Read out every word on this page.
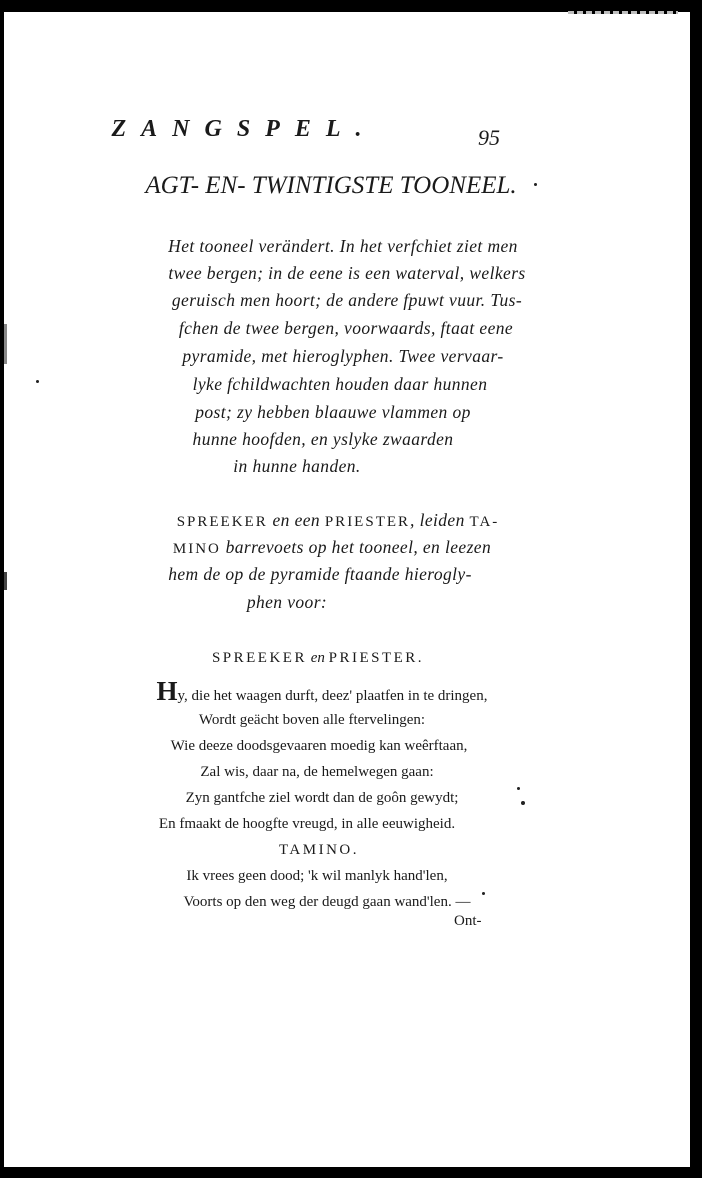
ZANGSPEL.	95
AGT- EN- TWINTIGSTE TOONEEL.
Het tooneel verändert. In het verfchiet ziet men
twee bergen; in de eene is een waterval, welkers
geruisch men hoort; de andere fpuwt vuur. Tus-
fchen de twee bergen, voorwaards, ftaat eene
pyramide, met hieroglyphen. Twee vervaar-
lyke fchildwachten houden daar hunnen
post; zy hebben blaauwe vlammen op
hunne hoofden, en yslyke zwaarden
in hunne handen.
SPREEKER en een PRIESTER, leiden TA-
MINO barrevoets op het tooneel, en leezen
hem de op de pyramide ftaande hierogly-
phen voor:
SPREEKER en PRIESTER.
Hy, die het waagen durft, deez' plaatfen in te dringen,
Wordt geächt boven alle ftervelingen:
Wie deeze doodsgevaaren moedig kan weêrftaan,
Zal wis, daar na, de hemelwegen gaan:
Zyn gantfche ziel wordt dan de goôn gewydt;
En fmaakt de hoogfte vreugd, in alle eeuwigheid.
TAMINO.
Ik vrees geen dood; 'k wil manlyk hand'len,
Voorts op den weg der deugd gaan wand'len. —
Ont-
